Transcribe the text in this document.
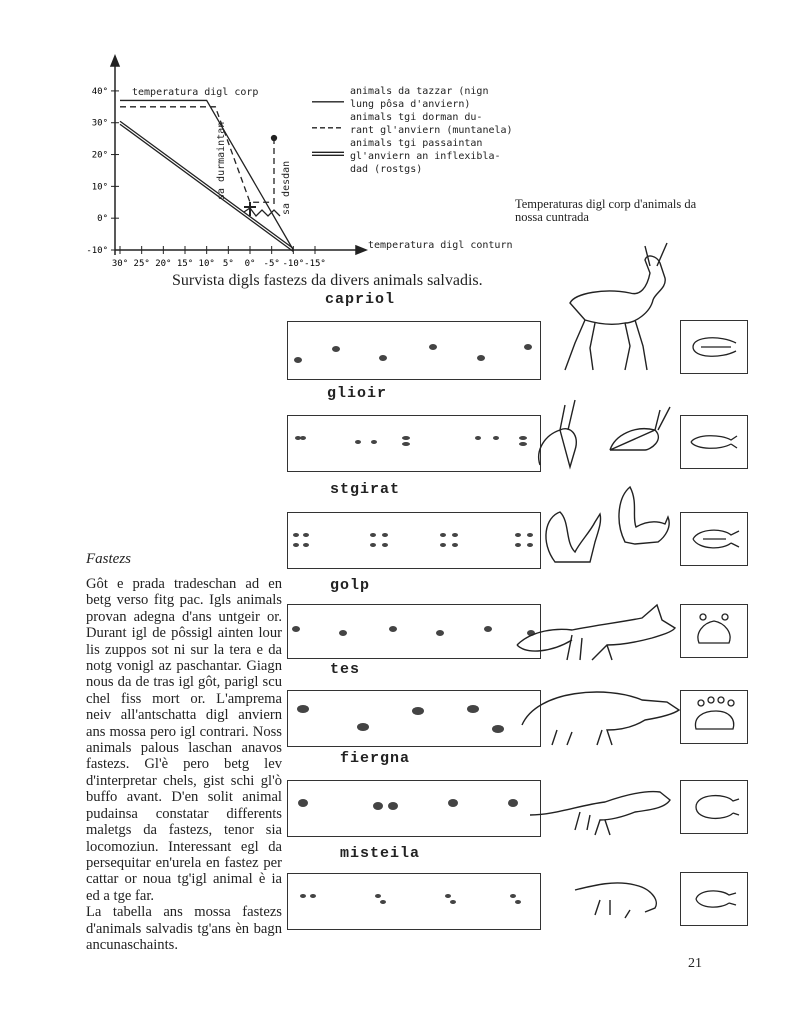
temperatura digl corp
temperatura digl conturn
30° 25° 20° 15° 10° 5° 0° -5° -10° -15°
40°
30°
20°
10°
0°
-10°
sa durmaintan	sa desdan
animals da tazzar (nign lung pôsa d'anviern)
animals tgi dorman du-rant gl'anviern (muntanela)
animals tgi passaintan gl'anviern an inflexibla-dad (rostgs)
Temperaturas digl corp d'animals da nossa cuntrada
Survista digls fastezs da divers animals salvadis.
capriol
glioir
stgirat
golp
tes
fiergna
misteila
Fastezs

Gôt e prada tradeschan ad en betg verso fitg pac. Igls animals provan adegna d'ans untgeir or. Durant igl de pôssigl ainten lour lis zuppos sot ni sur la tera e da notg vonigl az paschantar. Giagn nous da de tras igl gôt, parigl scu chel fiss mort or. L'amprema neiv all'antschatta digl anviern ans mossa pero igl contrari. Noss animals palous laschan anavos fastezs. Gl'è pero betg lev d'interpretar chels, gist schi gl'ò buffo avant. D'en solit animal pudainsa constatar differents maletgs da fastezs, tenor sia locomoziun. Interessant egl da persequitar en'urela en fastez per cattar or noua tg'igl animal è ia ed a tge far.

La tabella ans mossa fastezs d'animals salvadis tg'ans èn bagn ancunaschaints.

21
